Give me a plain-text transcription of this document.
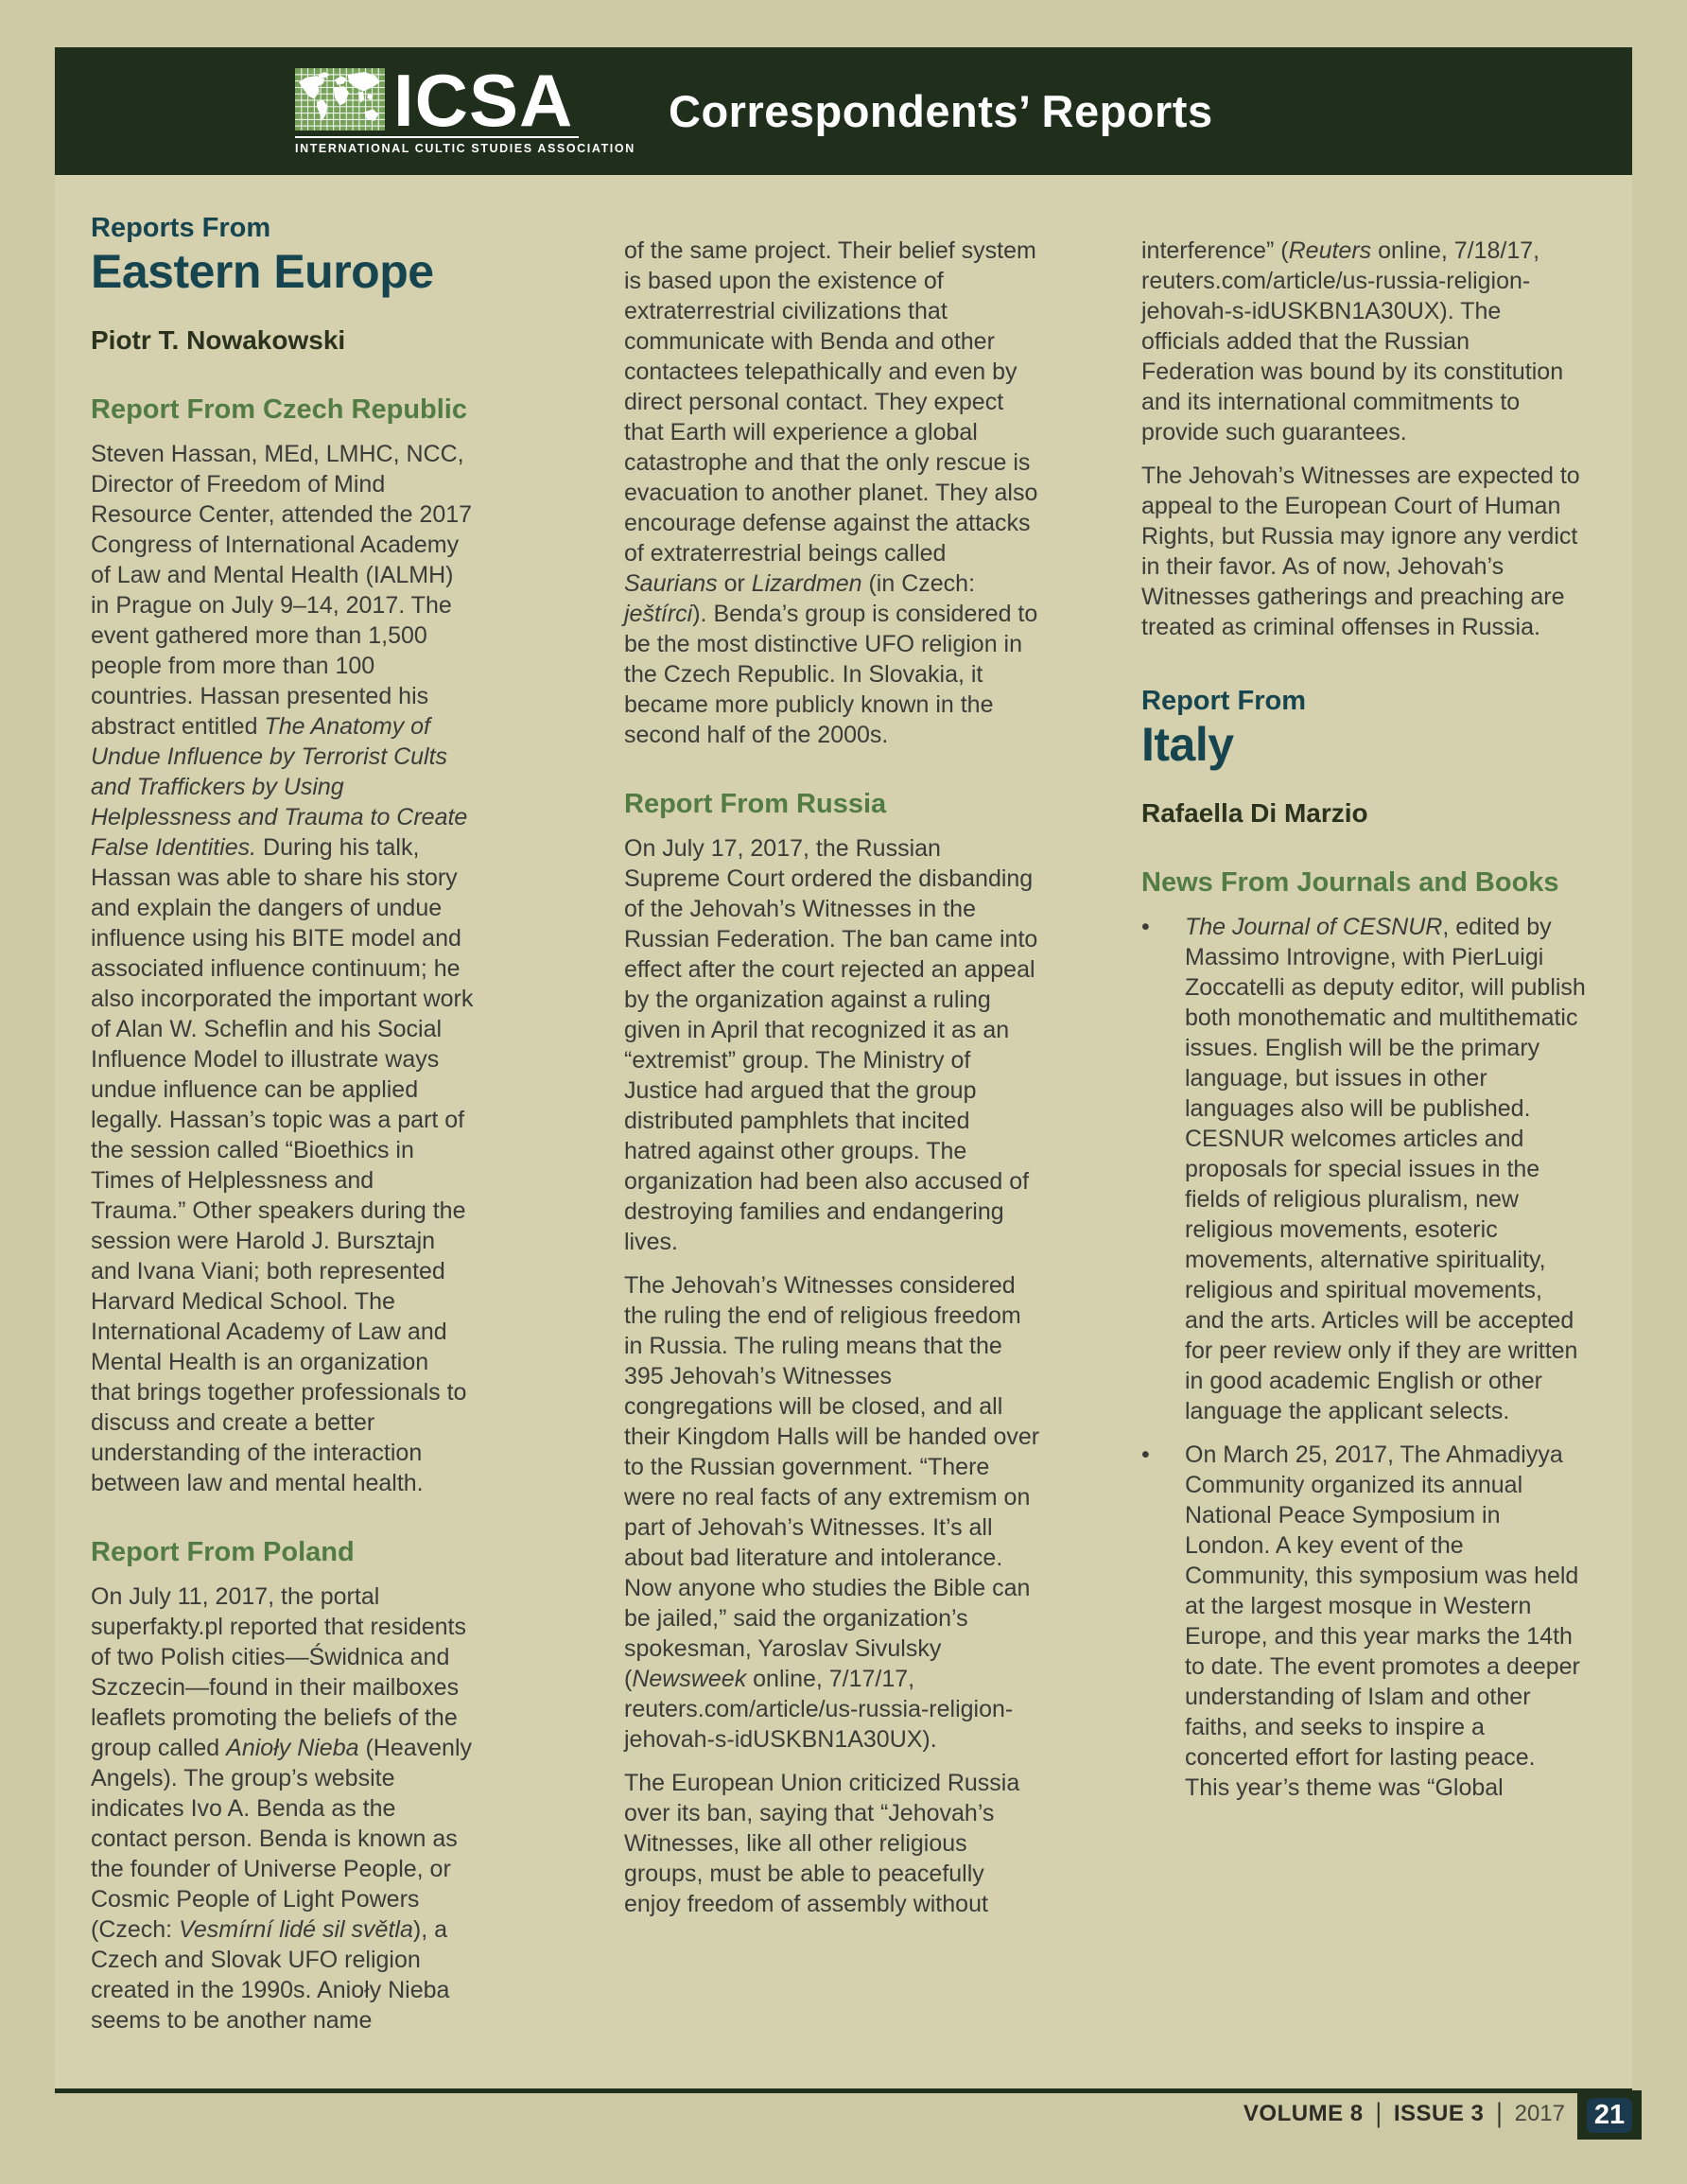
ICSA
INTERNATIONAL CULTIC STUDIES ASSOCIATION
Correspondents’ Reports
Reports From
Eastern Europe
Piotr T. Nowakowski
Report From Czech Republic
Steven Hassan, MEd, LMHC, NCC, Director of Freedom of Mind Resource Center, attended the 2017 Congress of International Academy of Law and Mental Health (IALMH) in Prague on July 9–14, 2017. The event gathered more than 1,500 people from more than 100 countries. Hassan presented his abstract entitled The Anatomy of Undue Influence by Terrorist Cults and Traffickers by Using Helplessness and Trauma to Create False Identities. During his talk, Hassan was able to share his story and explain the dangers of undue influence using his BITE model and associated influence continuum; he also incorporated the important work of Alan W. Scheflin and his Social Influence Model to illustrate ways undue influence can be applied legally. Hassan’s topic was a part of the session called “Bioethics in Times of Helplessness and Trauma.” Other speakers during the session were Harold J. Bursztajn and Ivana Viani; both represented Harvard Medical School. The International Academy of Law and Mental Health is an organization that brings together professionals to discuss and create a better understanding of the interaction between law and mental health.
Report From Poland
On July 11, 2017, the portal superfakty.pl reported that residents of two Polish cities—Świdnica and Szczecin—found in their mailboxes leaflets promoting the beliefs of the group called Anioły Nieba (Heavenly Angels). The group’s website indicates Ivo A. Benda as the contact person. Benda is known as the founder of Universe People, or Cosmic People of Light Powers (Czech: Vesmírní lidé sil světla), a Czech and Slovak UFO religion created in the 1990s. Anioły Nieba seems to be another name
of the same project. Their belief system is based upon the existence of extraterrestrial civilizations that communicate with Benda and other contactees telepathically and even by direct personal contact. They expect that Earth will experience a global catastrophe and that the only rescue is evacuation to another planet. They also encourage defense against the attacks of extraterrestrial beings called Saurians or Lizardmen (in Czech: ještírci). Benda’s group is considered to be the most distinctive UFO religion in the Czech Republic. In Slovakia, it became more publicly known in the second half of the 2000s.
Report From Russia
On July 17, 2017, the Russian Supreme Court ordered the disbanding of the Jehovah’s Witnesses in the Russian Federation. The ban came into effect after the court rejected an appeal by the organization against a ruling given in April that recognized it as an “extremist” group. The Ministry of Justice had argued that the group distributed pamphlets that incited hatred against other groups. The organization had been also accused of destroying families and endangering lives.
The Jehovah’s Witnesses considered the ruling the end of religious freedom in Russia. The ruling means that the 395 Jehovah’s Witnesses congregations will be closed, and all their Kingdom Halls will be handed over to the Russian government. “There were no real facts of any extremism on part of Jehovah’s Witnesses. It’s all about bad literature and intolerance. Now anyone who studies the Bible can be jailed,” said the organization’s spokesman, Yaroslav Sivulsky (Newsweek online, 7/17/17, reuters.com/article/us-russia-religion-jehovah-s-idUSKBN1A30UX).
The European Union criticized Russia over its ban, saying that “Jehovah’s Witnesses, like all other religious groups, must be able to peacefully enjoy freedom of assembly without
interference” (Reuters online, 7/18/17, reuters.com/article/us-russia-religion-jehovah-s-idUSKBN1A30UX). The officials added that the Russian Federation was bound by its constitution and its international commitments to provide such guarantees.
The Jehovah’s Witnesses are expected to appeal to the European Court of Human Rights, but Russia may ignore any verdict in their favor. As of now, Jehovah’s Witnesses gatherings and preaching are treated as criminal offenses in Russia.
Report From
Italy
Rafaella Di Marzio
News From Journals and Books
•	The Journal of CESNUR, edited by Massimo Introvigne, with PierLuigi Zoccatelli as deputy editor, will publish both monothematic and multithematic issues. English will be the primary language, but issues in other languages also will be published. CESNUR welcomes articles and proposals for special issues in the fields of religious pluralism, new religious movements, esoteric movements, alternative spirituality, religious and spiritual movements, and the arts. Articles will be accepted for peer review only if they are written in good academic English or other language the applicant selects.
•	On March 25, 2017, The Ahmadiyya Community organized its annual National Peace Symposium in London. A key event of the Community, this symposium was held at the largest mosque in Western Europe, and this year marks the 14th to date. The event promotes a deeper understanding of Islam and other faiths, and seeks to inspire a concerted effort for lasting peace. This year’s theme was “Global
VOLUME 8 | ISSUE 3 | 2017 21
